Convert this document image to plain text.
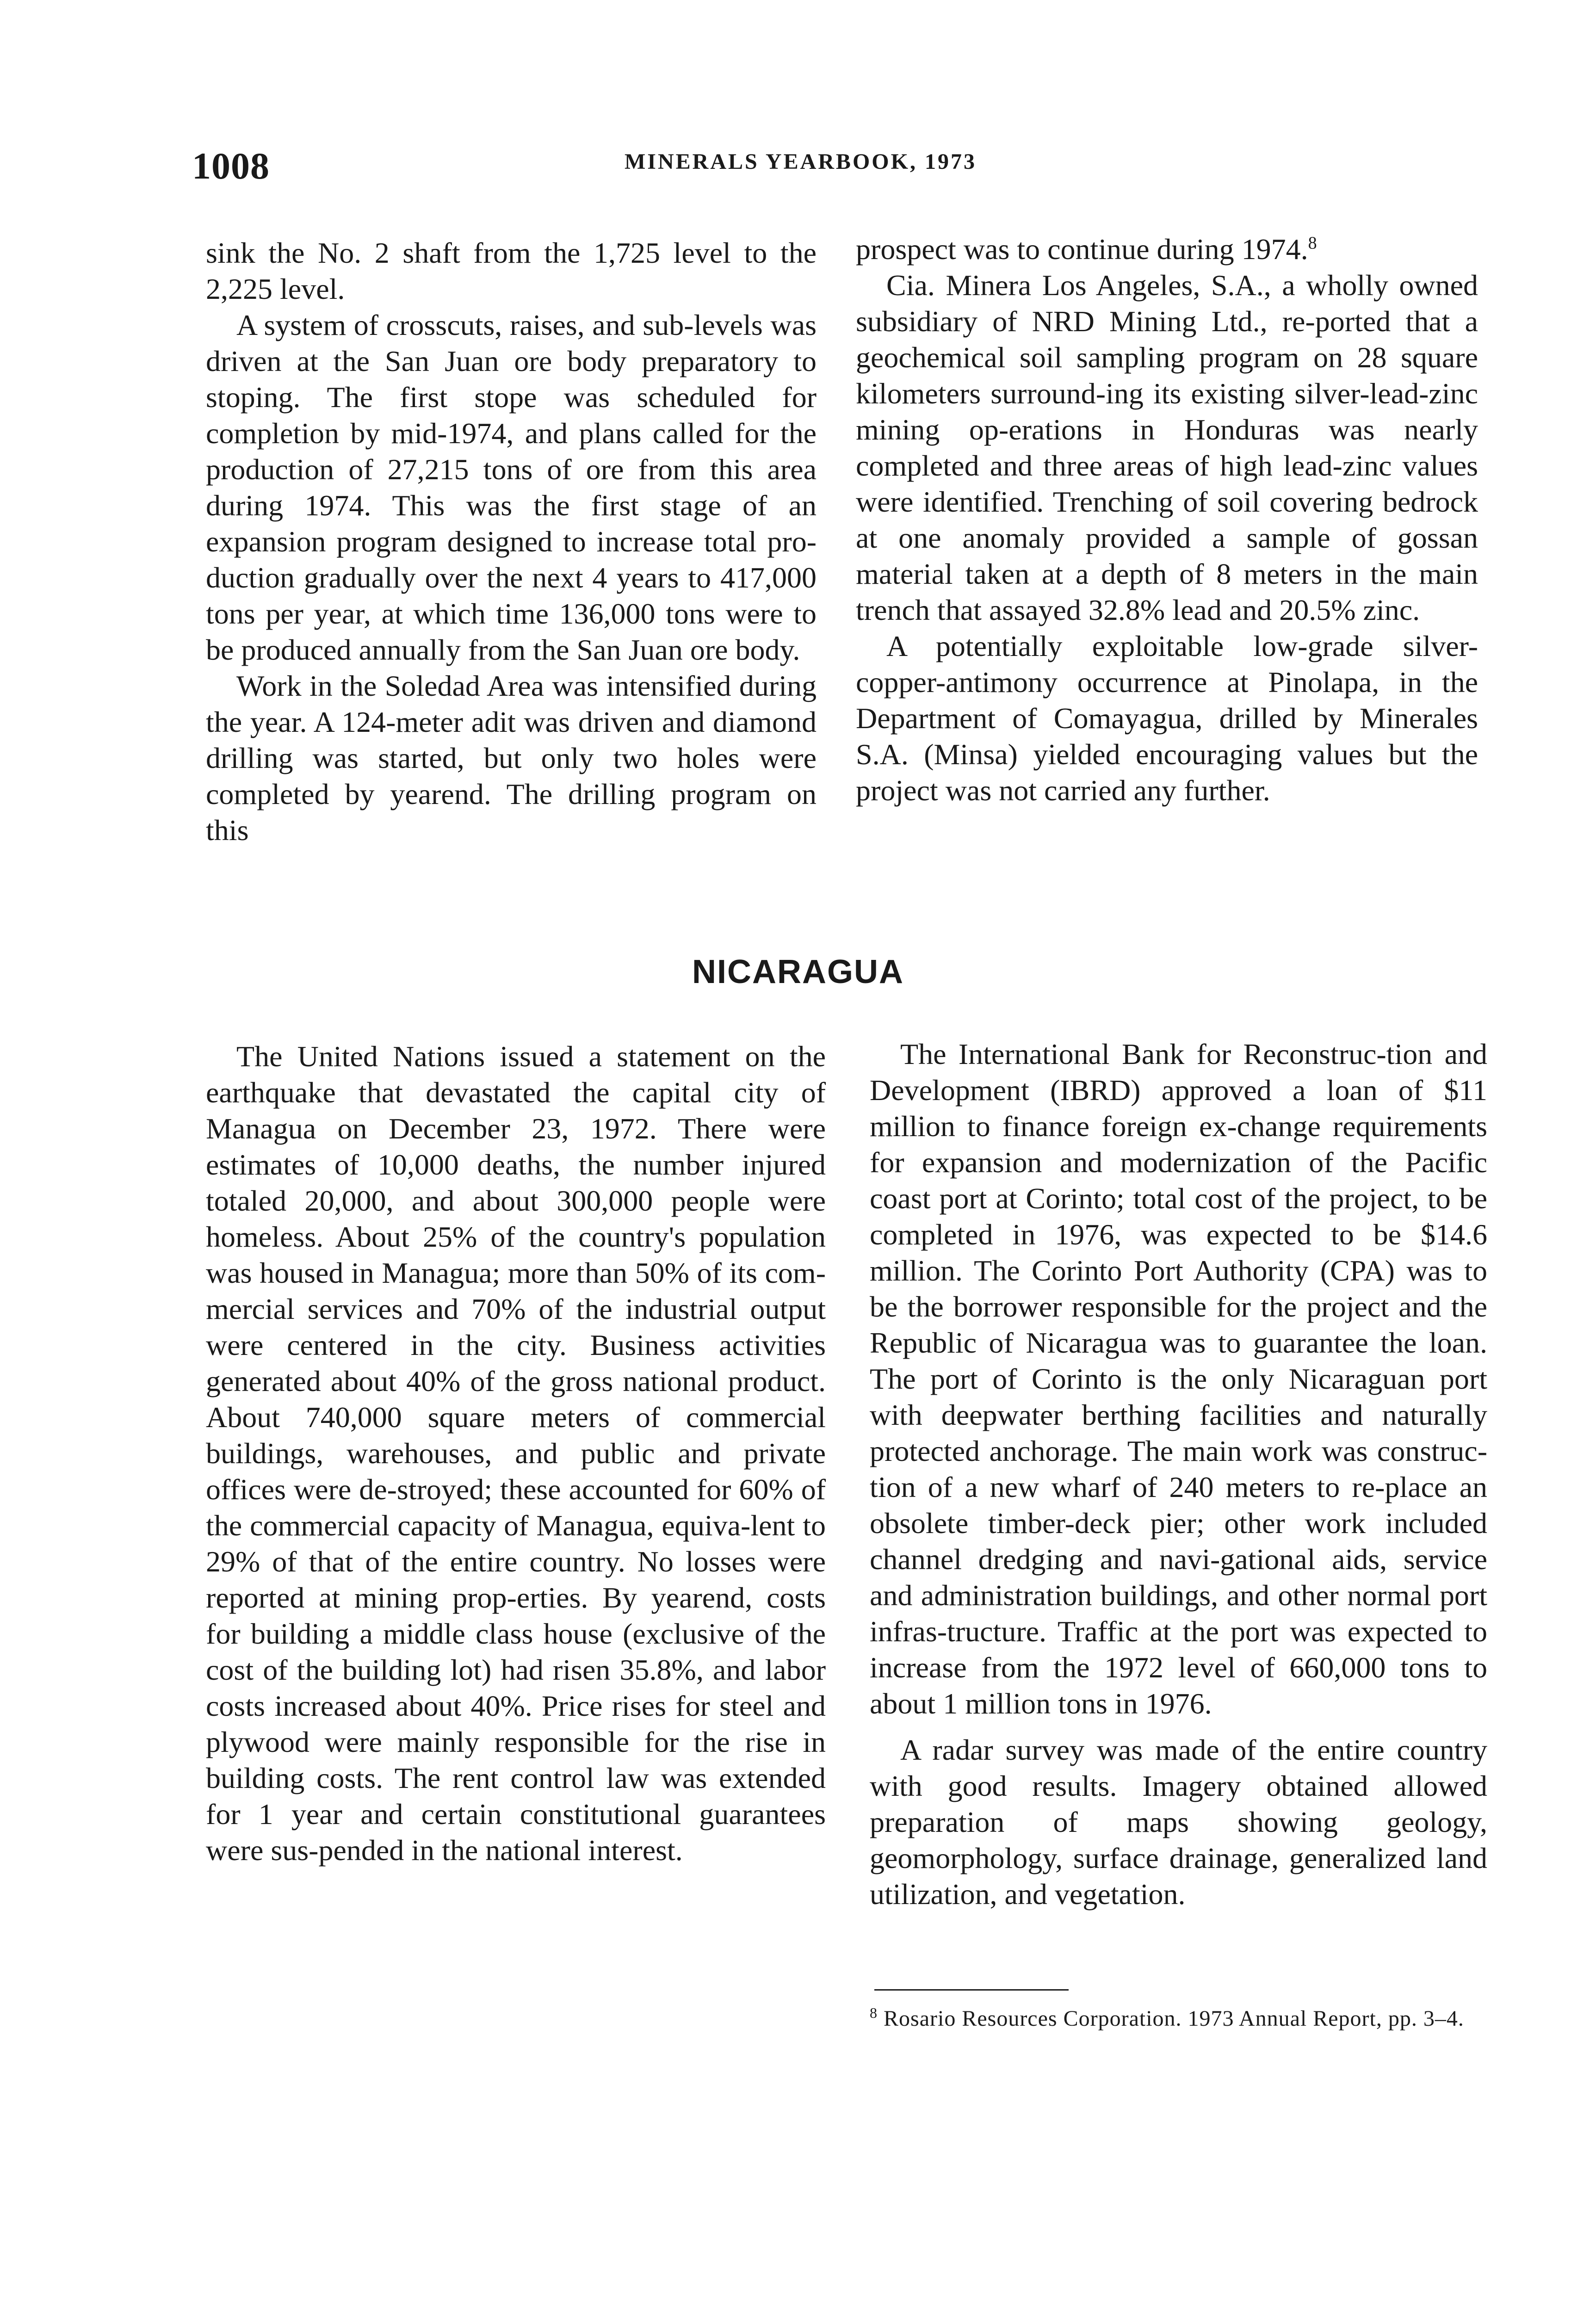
1008	MINERALS YEARBOOK, 1973

sink the No. 2 shaft from the 1,725 level to the 2,225 level.

A system of crosscuts, raises, and sub-levels was driven at the San Juan ore body preparatory to stoping. The first stope was scheduled for completion by mid-1974, and plans called for the production of 27,215 tons of ore from this area during 1974. This was the first stage of an expansion program designed to increase total pro-duction gradually over the next 4 years to 417,000 tons per year, at which time 136,000 tons were to be produced annually from the San Juan ore body.

Work in the Soledad Area was intensified during the year. A 124-meter adit was driven and diamond drilling was started, but only two holes were completed by yearend. The drilling program on this

prospect was to continue during 1974.$^8$

Cia. Minera Los Angeles, S.A., a wholly owned subsidiary of NRD Mining Ltd., re-ported that a geochemical soil sampling program on 28 square kilometers surround-ing its existing silver-lead-zinc mining op-erations in Honduras was nearly completed and three areas of high lead-zinc values were identified. Trenching of soil covering bedrock at one anomaly provided a sample of gossan material taken at a depth of 8 meters in the main trench that assayed 32.8% lead and 20.5% zinc.

A potentially exploitable low-grade silver-copper-antimony occurrence at Pinolapa, in the Department of Comayagua, drilled by Minerales S.A. (Minsa) yielded encouraging values but the project was not carried any further.

NICARAGUA

The United Nations issued a statement on the earthquake that devastated the capital city of Managua on December 23, 1972. There were estimates of 10,000 deaths, the number injured totaled 20,000, and about 300,000 people were homeless. About 25% of the country's population was housed in Managua; more than 50% of its com-mercial services and 70% of the industrial output were centered in the city. Business activities generated about 40% of the gross national product. About 740,000 square meters of commercial buildings, warehouses, and public and private offices were de-stroyed; these accounted for 60% of the commercial capacity of Managua, equiva-lent to 29% of that of the entire country. No losses were reported at mining prop-erties. By yearend, costs for building a middle class house (exclusive of the cost of the building lot) had risen 35.8%, and labor costs increased about 40%. Price rises for steel and plywood were mainly responsible for the rise in building costs. The rent control law was extended for 1 year and certain constitutional guarantees were sus-pended in the national interest.

The International Bank for Reconstruc-tion and Development (IBRD) approved a loan of $11 million to finance foreign ex-change requirements for expansion and modernization of the Pacific coast port at Corinto; total cost of the project, to be completed in 1976, was expected to be $14.6 million. The Corinto Port Authority (CPA) was to be the borrower responsible for the project and the Republic of Nicaragua was to guarantee the loan. The port of Corinto is the only Nicaraguan port with deepwater berthing facilities and naturally protected anchorage. The main work was construc-tion of a new wharf of 240 meters to re-place an obsolete timber-deck pier; other work included channel dredging and navi-gational aids, service and administration buildings, and other normal port infras-tructure. Traffic at the port was expected to increase from the 1972 level of 660,000 tons to about 1 million tons in 1976.

A radar survey was made of the entire country with good results. Imagery obtained allowed preparation of maps showing geology, geomorphology, surface drainage, generalized land utilization, and vegetation.

$^8$ Rosario Resources Corporation. 1973 Annual Report, pp. 3–4.
